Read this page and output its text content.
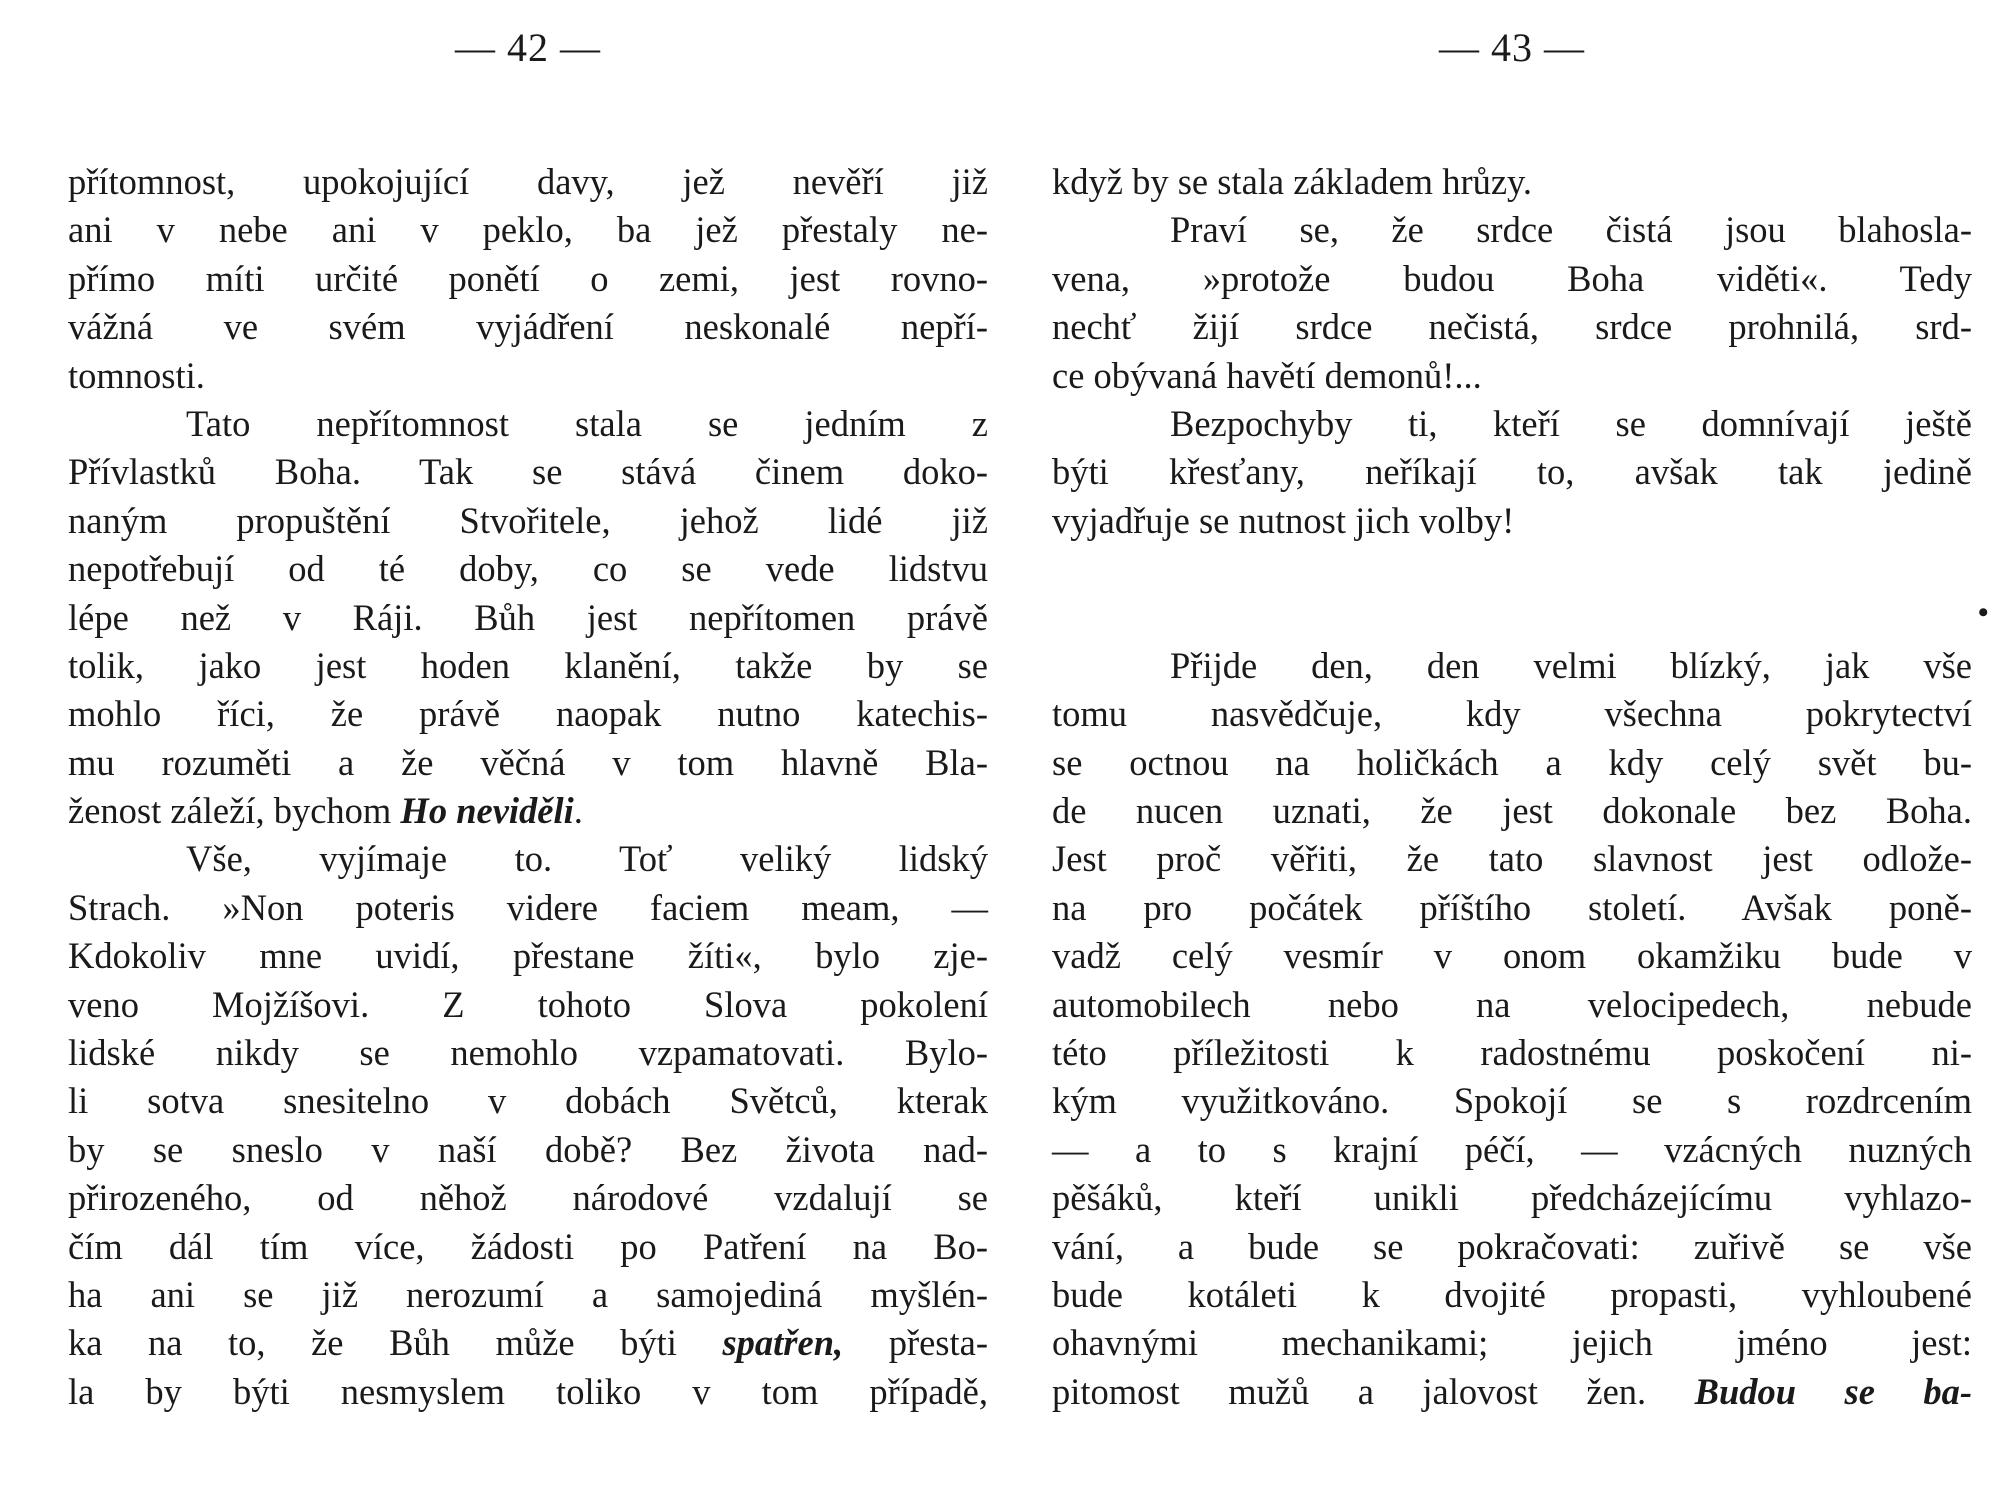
— 42 —
přítomnost, upokojující davy, jež nevěří již
ani v nebe ani v peklo, ba jež přestaly ne-
přímo míti určité ponětí o zemi, jest rovno-
vážná ve svém vyjádření neskonalé nepří-
tomnosti.
Tato nepřítomnost stala se jedním z
Přívlastků Boha. Tak se stává činem doko-
naným propuštění Stvořitele, jehož lidé již
nepotřebují od té doby, co se vede lidstvu
lépe než v Ráji. Bůh jest nepřítomen právě
tolik, jako jest hoden klanění, takže by se
mohlo říci, že právě naopak nutno katechis-
mu rozuměti a že věčná v tom hlavně Bla-
ženost záleží, bychom Ho neviděli.
Vše, vyjímaje to. Toť veliký lidský
Strach. »Non poteris videre faciem meam, —
Kdokoliv mne uvidí, přestane žíti«, bylo zje-
veno Mojžíšovi. Z tohoto Slova pokolení
lidské nikdy se nemohlo vzpamatovati. Bylo-
li sotva snesitelno v dobách Světců, kterak
by se sneslo v naší době? Bez života nad-
přirozeného, od něhož národové vzdalují se
čím dál tím více, žádosti po Patření na Bo-
ha ani se již nerozumí a samojediná myšlén-
ka na to, že Bůh může býti spatřen, přesta-
la by býti nesmyslem toliko v tom případě,
— 43 —
když by se stala základem hrůzy.
Praví se, že srdce čistá jsou blahosla-
vena, »protože budou Boha viděti«. Tedy
nechť žijí srdce nečistá, srdce prohnilá, srd-
ce obývaná havětí demonů!...
Bezpochyby ti, kteří se domnívají ještě
býti křesťany, neříkají to, avšak tak jedině
vyjadřuje se nutnost jich volby!
Přijde den, den velmi blízký, jak vše
tomu nasvědčuje, kdy všechna pokrytectví
se octnou na holičkách a kdy celý svět bu-
de nucen uznati, že jest dokonale bez Boha.
Jest proč věřiti, že tato slavnost jest odlože-
na pro počátek příštího století. Avšak poně-
vadž celý vesmír v onom okamžiku bude v
automobilech nebo na velocipedech, nebude
této příležitosti k radostnému poskočení ni-
kým využitkováno. Spokojí se s rozdrcením
— a to s krajní péčí, — vzácných nuzných
pěšáků, kteří unikli předcházejícímu vyhlazo-
vání, a bude se pokračovati: zuřivě se vše
bude kotáleti k dvojité propasti, vyhloubené
ohavnými mechanikami; jejich jméno jest:
pitomost mužů a jalovost žen. Budou se ba-
•
